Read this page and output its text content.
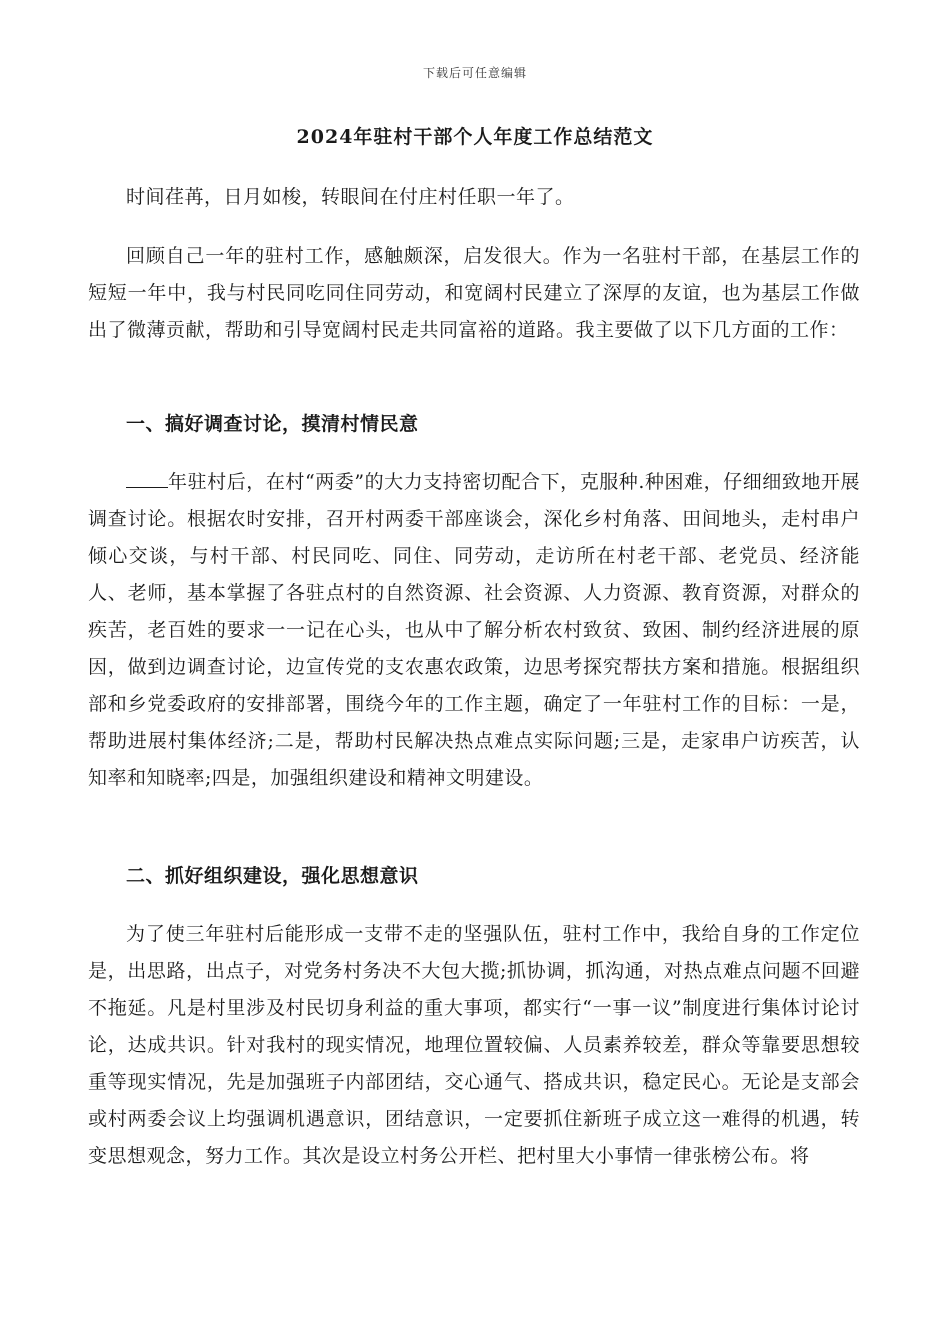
下载后可任意编辑
2024年驻村干部个人年度工作总结范文
时间荏苒，日月如梭，转眼间在付庄村任职一年了。
回顾自己一年的驻村工作，感触颇深，启发很大。作为一名驻村干部，在基层工作的短短一年中，我与村民同吃同住同劳动，和宽阔村民建立了深厚的友谊，也为基层工作做出了微薄贡献，帮助和引导宽阔村民走共同富裕的道路。我主要做了以下几方面的工作：
一、搞好调查讨论，摸清村情民意
年驻村后，在村“两委”的大力支持密切配合下，克服种.种困难，仔细细致地开展调查讨论。根据农时安排，召开村两委干部座谈会，深化乡村角落、田间地头，走村串户倾心交谈，与村干部、村民同吃、同住、同劳动，走访所在村老干部、老党员、经济能人、老师，基本掌握了各驻点村的自然资源、社会资源、人力资源、教育资源，对群众的疾苦，老百姓的要求一一记在心头，也从中了解分析农村致贫、致困、制约经济进展的原因，做到边调查讨论，边宣传党的支农惠农政策，边思考探究帮扶方案和措施。根据组织部和乡党委政府的安排部署，围绕今年的工作主题，确定了一年驻村工作的目标：一是，帮助进展村集体经济;二是，帮助村民解决热点难点实际问题;三是，走家串户访疾苦，认知率和知晓率;四是，加强组织建设和精神文明建设。
二、抓好组织建设，强化思想意识
为了使三年驻村后能形成一支带不走的坚强队伍，驻村工作中，我给自身的工作定位是，出思路，出点子，对党务村务决不大包大揽;抓协调，抓沟通，对热点难点问题不回避不拖延。凡是村里涉及村民切身利益的重大事项，都实行“一事一议”制度进行集体讨论讨论，达成共识。针对我村的现实情况，地理位置较偏、人员素养较差，群众等靠要思想较重等现实情况，先是加强班子内部团结，交心通气、搭成共识，稳定民心。无论是支部会或村两委会议上均强调机遇意识，团结意识，一定要抓住新班子成立这一难得的机遇，转变思想观念，努力工作。其次是设立村务公开栏、把村里大小事情一律张榜公布。将
